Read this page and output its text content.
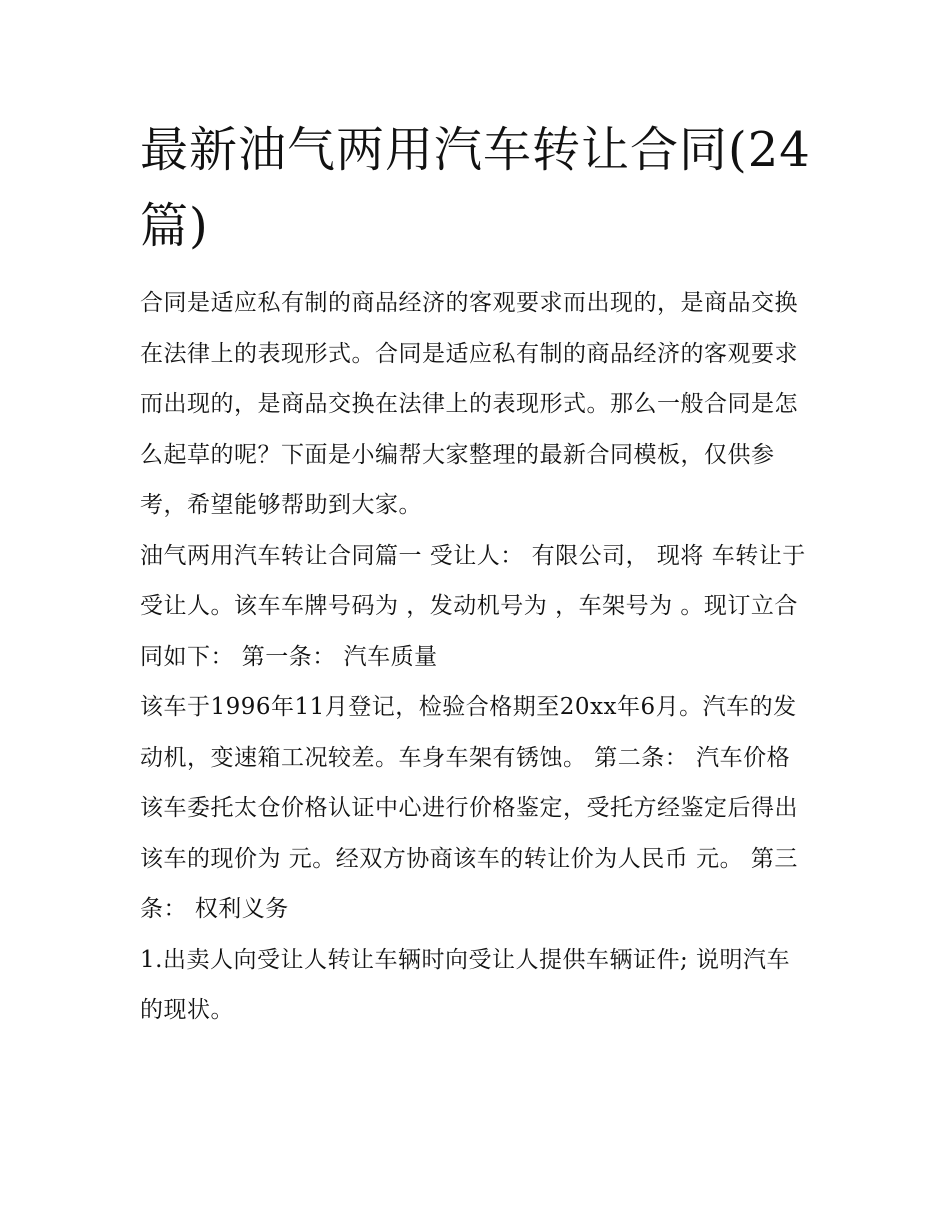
最新油气两用汽车转让合同(24篇)

合同是适应私有制的商品经济的客观要求而出现的，是商品交换在法律上的表现形式。合同是适应私有制的商品经济的客观要求而出现的，是商品交换在法律上的表现形式。那么一般合同是怎么起草的呢？下面是小编帮大家整理的最新合同模板，仅供参考，希望能够帮助到大家。

油气两用汽车转让合同篇一 受让人： 有限公司， 现将 车转让于 受让人。该车车牌号码为 ，发动机号为 ，车架号为 。现订立合同如下： 第一条： 汽车质量

该车于1996年11月登记，检验合格期至20xx年6月。汽车的发动机，变速箱工况较差。车身车架有锈蚀。 第二条： 汽车价格

该车委托太仓价格认证中心进行价格鉴定，受托方经鉴定后得出该车的现价为 元。经双方协商该车的转让价为人民币 元。 第三条： 权利义务

1.出卖人向受让人转让车辆时向受让人提供车辆证件; 说明汽车的现状。
